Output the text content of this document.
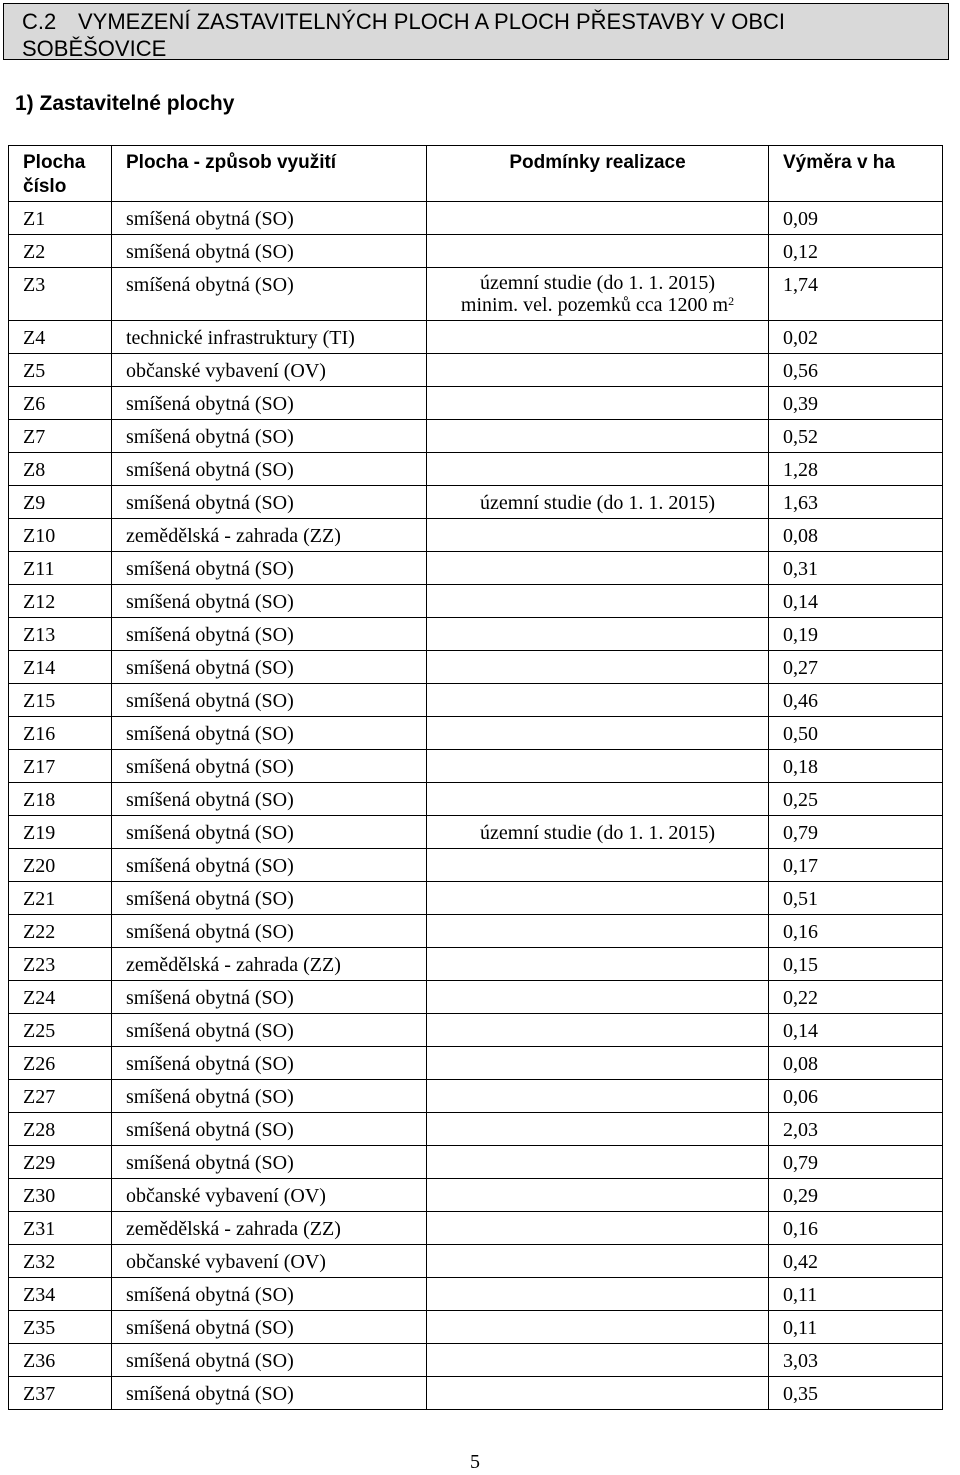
C.2 VYMEZENÍ ZASTAVITELNÝCH PLOCH A PLOCH PŘESTAVBY V OBCI SOBĚŠOVICE
1) Zastavitelné plochy
Plocha číslo	Plocha - způsob využití	Podmínky realizace	Výměra v ha
Z1	smíšená obytná (SO)		0,09
Z2	smíšená obytná (SO)		0,12
Z3	smíšená obytná (SO)	územní studie (do 1. 1. 2015)
minim. vel. pozemků cca 1200 $m^2$	1,74
Z4	technické infrastruktury (TI)		0,02
Z5	občanské vybavení (OV)		0,56
Z6	smíšená obytná (SO)		0,39
Z7	smíšená obytná (SO)		0,52
Z8	smíšená obytná (SO)		1,28
Z9	smíšená obytná (SO)	územní studie (do 1. 1. 2015)	1,63
Z10	zemědělská - zahrada (ZZ)		0,08
Z11	smíšená obytná (SO)		0,31
Z12	smíšená obytná (SO)		0,14
Z13	smíšená obytná (SO)		0,19
Z14	smíšená obytná (SO)		0,27
Z15	smíšená obytná (SO)		0,46
Z16	smíšená obytná (SO)		0,50
Z17	smíšená obytná (SO)		0,18
Z18	smíšená obytná (SO)		0,25
Z19	smíšená obytná (SO)	územní studie (do 1. 1. 2015)	0,79
Z20	smíšená obytná (SO)		0,17
Z21	smíšená obytná (SO)		0,51
Z22	smíšená obytná (SO)		0,16
Z23	zemědělská - zahrada (ZZ)		0,15
Z24	smíšená obytná (SO)		0,22
Z25	smíšená obytná (SO)		0,14
Z26	smíšená obytná (SO)		0,08
Z27	smíšená obytná (SO)		0,06
Z28	smíšená obytná (SO)		2,03
Z29	smíšená obytná (SO)		0,79
Z30	občanské vybavení (OV)		0,29
Z31	zemědělská - zahrada (ZZ)		0,16
Z32	občanské vybavení (OV)		0,42
Z34	smíšená obytná (SO)		0,11
Z35	smíšená obytná (SO)		0,11
Z36	smíšená obytná (SO)		3,03
Z37	smíšená obytná (SO)		0,35
5
